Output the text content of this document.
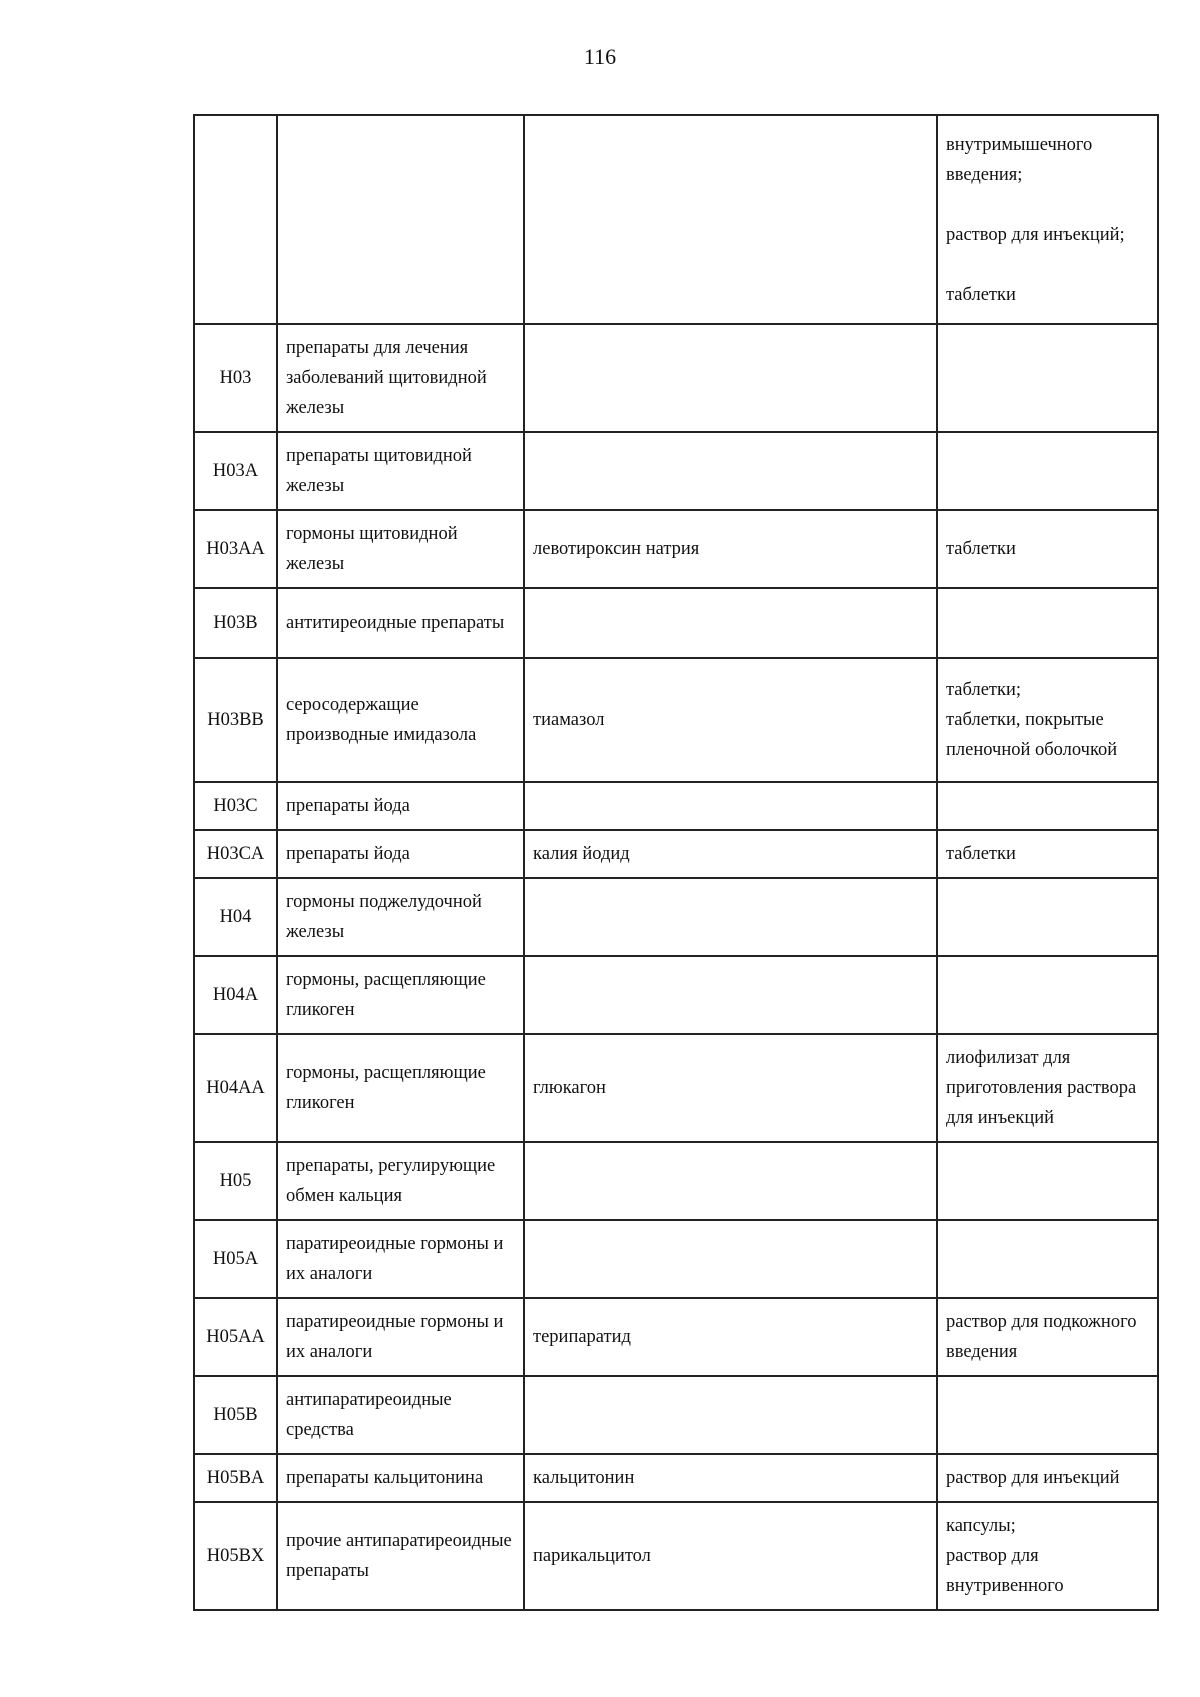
116

			внутримышечного
введения;
раствор для инъекций;
таблетки

H03	препараты для лечения заболеваний щитовидной железы		
H03A	препараты щитовидной железы		
H03AA	гормоны щитовидной железы	левотироксин натрия	таблетки

H03B	антитиреоидные препараты		
H03BB	серосодержащие производные имидазола	тиамазол	таблетки;
таблетки, покрытые пленочной оболочкой

H03C	препараты йода		
H03CA	препараты йода	калия йодид	таблетки

H04	гормоны поджелудочной железы		
H04A	гормоны, расщепляющие гликоген		
H04AA	гормоны, расщепляющие гликоген	глюкагон	лиофилизат для приготовления раствора для инъекций

H05	препараты, регулирующие обмен кальция		
H05A	паратиреоидные гормоны и их аналоги		
H05AA	паратиреоидные гормоны и их аналоги	терипаратид	раствор для подкожного введения

H05B	антипаратиреоидные средства		
H05BA	препараты кальцитонина	кальцитонин	раствор для инъекций

H05BX	прочие антипаратиреоидные препараты	парикальцитол	капсулы;
раствор для внутривенного
